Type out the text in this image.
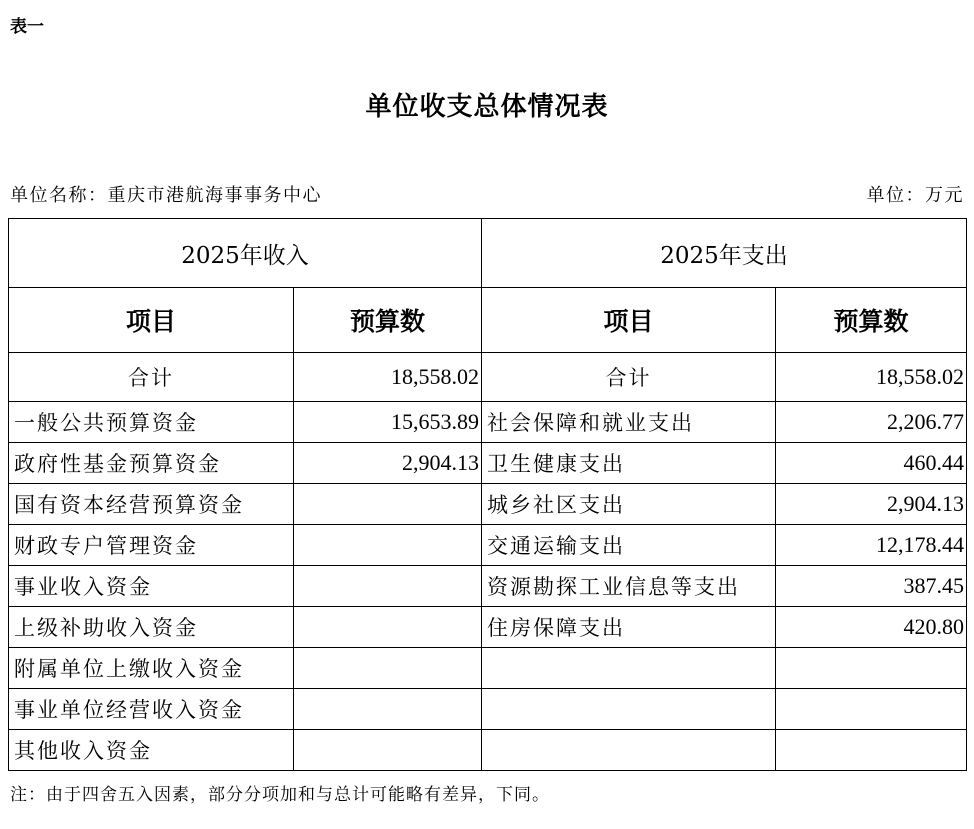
表一
单位收支总体情况表
单位名称：重庆市港航海事事务中心	单位：万元
2025年收入		2025年支出	
项目	预算数	项目	预算数
合计	18,558.02	合计	18,558.02
一般公共预算资金	15,653.89	社会保障和就业支出	2,206.77
政府性基金预算资金	2,904.13	卫生健康支出	460.44
国有资本经营预算资金		城乡社区支出	2,904.13
财政专户管理资金		交通运输支出	12,178.44
事业收入资金		资源勘探工业信息等支出	387.45
上级补助收入资金		住房保障支出	420.80
附属单位上缴收入资金			
事业单位经营收入资金			
其他收入资金			
注：由于四舍五入因素，部分分项加和与总计可能略有差异，下同。
